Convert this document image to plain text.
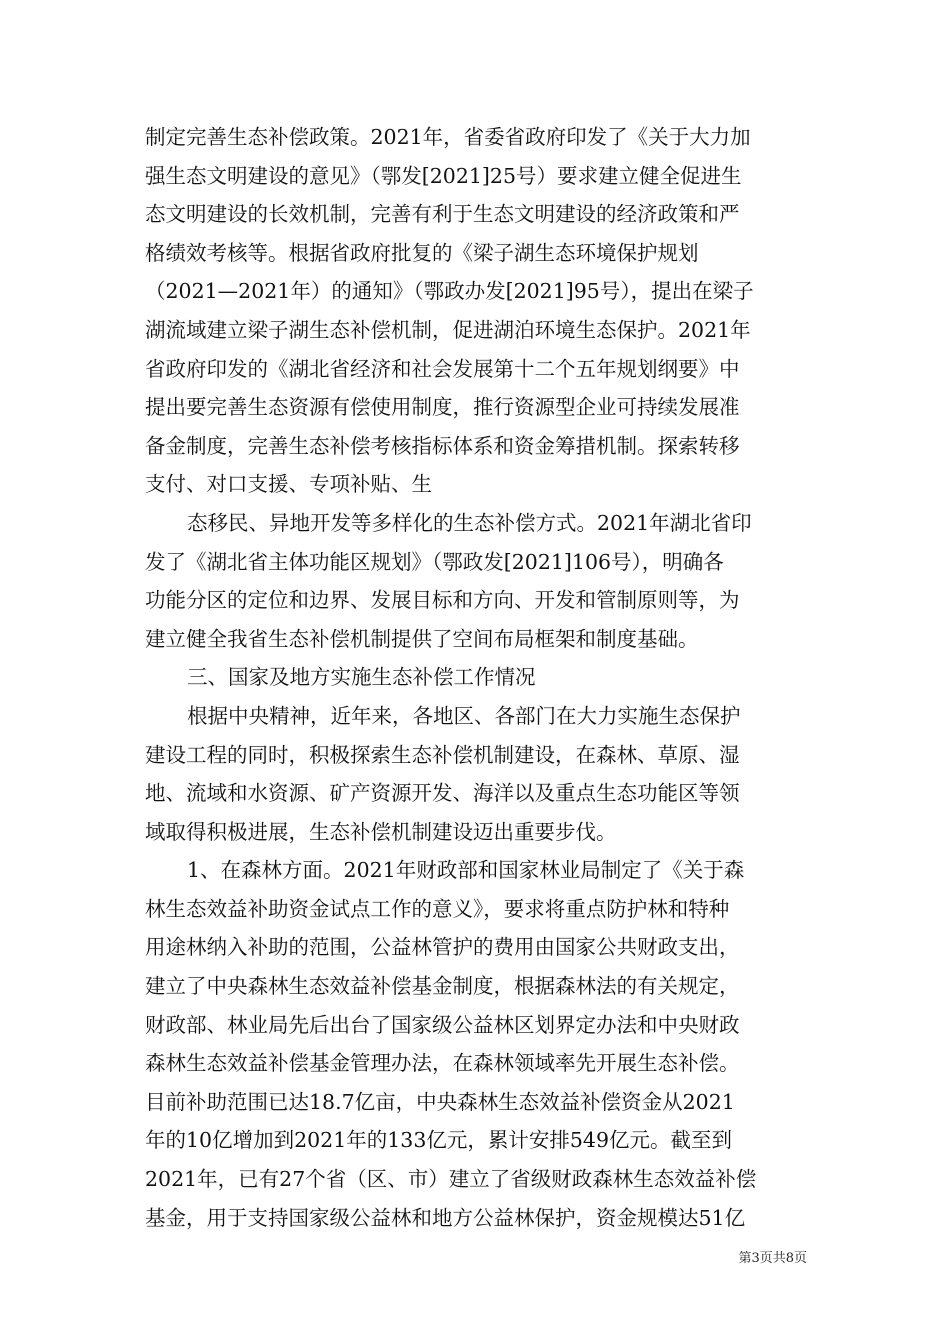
制定完善生态补偿政策。2021年，省委省政府印发了《关于大力加
强生态文明建设的意见》（鄂发[2021]25号）要求建立健全促进生
态文明建设的长效机制，完善有利于生态文明建设的经济政策和严
格绩效考核等。根据省政府批复的《梁子湖生态环境保护规划
（2021—2021年）的通知》（鄂政办发[2021]95号），提出在梁子
湖流域建立梁子湖生态补偿机制，促进湖泊环境生态保护。2021年
省政府印发的《湖北省经济和社会发展第十二个五年规划纲要》中
提出要完善生态资源有偿使用制度，推行资源型企业可持续发展准
备金制度，完善生态补偿考核指标体系和资金筹措机制。探索转移
支付、对口支援、专项补贴、生

态移民、异地开发等多样化的生态补偿方式。2021年湖北省印
发了《湖北省主体功能区规划》（鄂政发[2021]106号），明确各
功能分区的定位和边界、发展目标和方向、开发和管制原则等，为
建立健全我省生态补偿机制提供了空间布局框架和制度基础。

三、国家及地方实施生态补偿工作情况

根据中央精神，近年来，各地区、各部门在大力实施生态保护
建设工程的同时，积极探索生态补偿机制建设，在森林、草原、湿
地、流域和水资源、矿产资源开发、海洋以及重点生态功能区等领
域取得积极进展，生态补偿机制建设迈出重要步伐。

1、在森林方面。2021年财政部和国家林业局制定了《关于森
林生态效益补助资金试点工作的意义》，要求将重点防护林和特种
用途林纳入补助的范围，公益林管护的费用由国家公共财政支出，
建立了中央森林生态效益补偿基金制度，根据森林法的有关规定，
财政部、林业局先后出台了国家级公益林区划界定办法和中央财政
森林生态效益补偿基金管理办法，在森林领域率先开展生态补偿。
目前补助范围已达18.7亿亩，中央森林生态效益补偿资金从2021
年的10亿增加到2021年的133亿元，累计安排549亿元。截至到
2021年，已有27个省（区、市）建立了省级财政森林生态效益补偿
基金，用于支持国家级公益林和地方公益林保护，资金规模达51亿

第3页共8页
